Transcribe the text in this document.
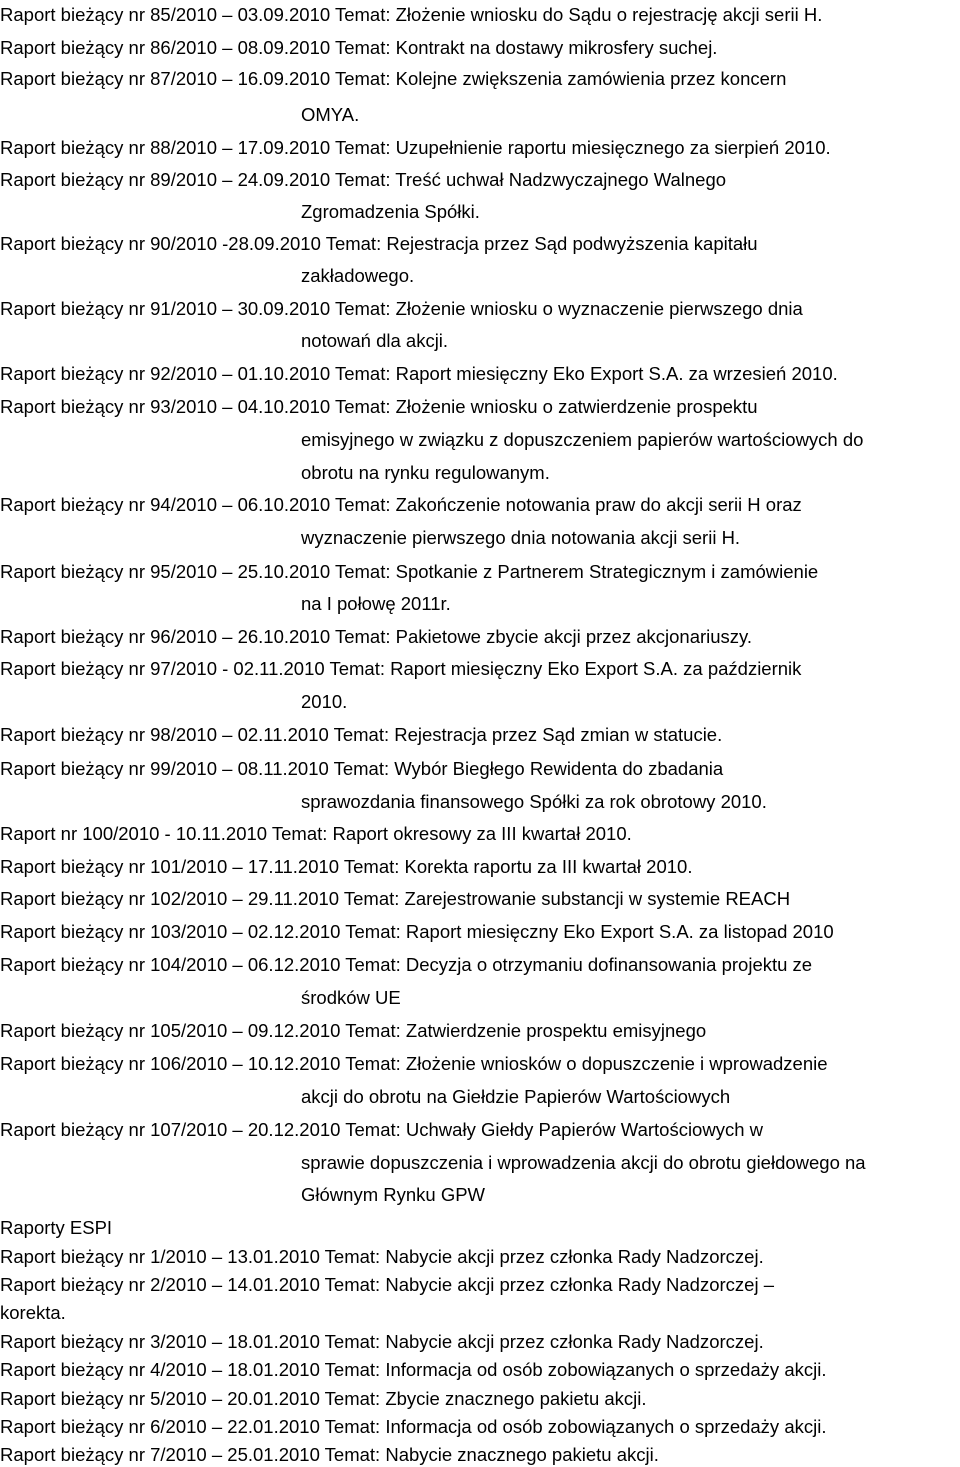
Raport bieżący nr 85/2010 – 03.09.2010 Temat: Złożenie wniosku do Sądu o rejestrację akcji serii H.
Raport bieżący nr 86/2010 – 08.09.2010 Temat: Kontrakt na dostawy mikrosfery suchej.
Raport bieżący nr 87/2010 – 16.09.2010 Temat: Kolejne zwiększenia zamówienia przez koncern
OMYA.
Raport bieżący nr 88/2010 – 17.09.2010 Temat: Uzupełnienie raportu miesięcznego za sierpień 2010.
Raport bieżący nr 89/2010 – 24.09.2010 Temat: Treść uchwał Nadzwyczajnego Walnego
Zgromadzenia Spółki.
Raport bieżący nr 90/2010 -28.09.2010 Temat: Rejestracja przez Sąd podwyższenia kapitału
zakładowego.
Raport bieżący nr 91/2010 – 30.09.2010 Temat: Złożenie wniosku o wyznaczenie pierwszego dnia
notowań dla akcji.
Raport bieżący nr 92/2010 – 01.10.2010 Temat: Raport miesięczny Eko Export S.A. za wrzesień 2010.
Raport bieżący nr 93/2010 – 04.10.2010 Temat: Złożenie wniosku o zatwierdzenie prospektu
emisyjnego w związku z dopuszczeniem papierów wartościowych do
obrotu na rynku regulowanym.
Raport bieżący nr 94/2010 – 06.10.2010 Temat: Zakończenie notowania praw do akcji serii H oraz
wyznaczenie pierwszego dnia notowania akcji serii H.
Raport bieżący nr 95/2010 – 25.10.2010 Temat: Spotkanie z Partnerem Strategicznym i zamówienie
na I połowę 2011r.
Raport bieżący nr 96/2010 – 26.10.2010 Temat: Pakietowe zbycie akcji przez akcjonariuszy.
Raport bieżący nr 97/2010 - 02.11.2010 Temat: Raport miesięczny Eko Export S.A. za październik
2010.
Raport bieżący nr 98/2010 – 02.11.2010 Temat: Rejestracja przez Sąd zmian w statucie.
Raport bieżący nr 99/2010 – 08.11.2010 Temat: Wybór Biegłego Rewidenta do zbadania
sprawozdania finansowego Spółki za rok obrotowy 2010.
Raport nr 100/2010 - 10.11.2010 Temat: Raport okresowy za III kwartał 2010.
Raport bieżący nr 101/2010 – 17.11.2010 Temat: Korekta raportu za III kwartał 2010.
Raport bieżący nr 102/2010 – 29.11.2010 Temat: Zarejestrowanie substancji w systemie REACH
Raport bieżący nr 103/2010 – 02.12.2010 Temat: Raport miesięczny Eko Export S.A. za listopad 2010
Raport bieżący nr 104/2010 – 06.12.2010 Temat: Decyzja o otrzymaniu dofinansowania projektu ze
środków UE
Raport bieżący nr 105/2010 – 09.12.2010 Temat: Zatwierdzenie prospektu emisyjnego
Raport bieżący nr 106/2010 – 10.12.2010 Temat: Złożenie wniosków o dopuszczenie i wprowadzenie
akcji do obrotu na Giełdzie Papierów Wartościowych
Raport bieżący nr 107/2010 – 20.12.2010 Temat: Uchwały Giełdy Papierów Wartościowych w
sprawie dopuszczenia i wprowadzenia akcji do obrotu giełdowego na
Głównym Rynku GPW
Raporty ESPI
Raport bieżący nr 1/2010 – 13.01.2010 Temat: Nabycie akcji przez członka Rady Nadzorczej.
Raport bieżący nr 2/2010 – 14.01.2010 Temat: Nabycie akcji przez członka Rady Nadzorczej –
korekta.
Raport bieżący nr 3/2010 – 18.01.2010 Temat: Nabycie akcji przez członka Rady Nadzorczej.
Raport bieżący nr 4/2010 – 18.01.2010 Temat: Informacja od osób zobowiązanych o sprzedaży akcji.
Raport bieżący nr 5/2010 – 20.01.2010 Temat: Zbycie znacznego pakietu akcji.
Raport bieżący nr 6/2010 – 22.01.2010 Temat: Informacja od osób zobowiązanych o sprzedaży akcji.
Raport bieżący nr 7/2010 – 25.01.2010 Temat: Nabycie znacznego pakietu akcji.
